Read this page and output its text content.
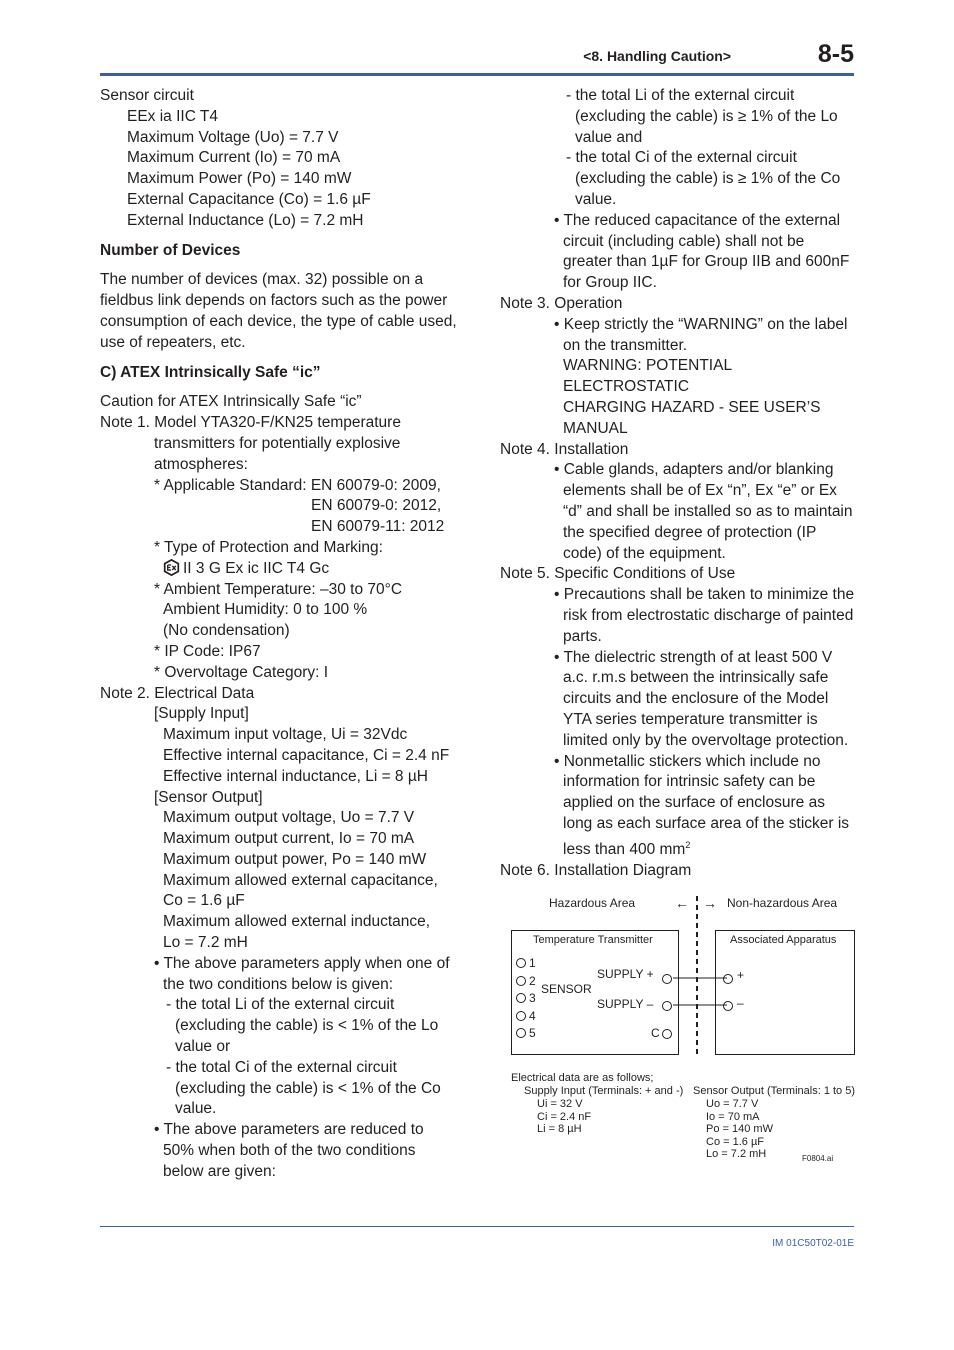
<8. Handling Caution>	8-5
Sensor circuit
EEx ia IIC T4
Maximum Voltage (Uo) = 7.7 V
Maximum Current (Io) = 70 mA
Maximum Power (Po) = 140 mW
External Capacitance (Co) = 1.6 µF
External Inductance (Lo) = 7.2 mH
Number of Devices
The number of devices (max. 32) possible on a
fieldbus link depends on factors such as the power
consumption of each device, the type of cable used,
use of repeaters, etc.
C) ATEX Intrinsically Safe “ic”
Caution for ATEX Intrinsically Safe “ic”
Note 1. Model YTA320-F/KN25 temperature
transmitters for potentially explosive
atmospheres:
* Applicable Standard: EN 60079-0: 2009,
EN 60079-0: 2012,
EN 60079-11: 2012
* Type of Protection and Marking:
II 3 G Ex ic IIC T4 Gc
* Ambient Temperature: –30 to 70°C
Ambient Humidity: 0 to 100 %
(No condensation)
* IP Code: IP67
* Overvoltage Category: I
Note 2. Electrical Data
[Supply Input]
Maximum input voltage, Ui = 32Vdc
Effective internal capacitance, Ci = 2.4 nF
Effective internal inductance, Li = 8 µH
[Sensor Output]
Maximum output voltage, Uo = 7.7 V
Maximum output current, Io = 70 mA
Maximum output power, Po = 140 mW
Maximum allowed external capacitance,
Co = 1.6 µF
Maximum allowed external inductance,
Lo = 7.2 mH
• The above parameters apply when one of
the two conditions below is given:
- the total Li of the external circuit
(excluding the cable) is < 1% of the Lo
value or
- the total Ci of the external circuit
(excluding the cable) is < 1% of the Co
value.
• The above parameters are reduced to
50% when both of the two conditions
below are given:
- the total Li of the external circuit
(excluding the cable) is ≥ 1% of the Lo
value and
- the total Ci of the external circuit
(excluding the cable) is ≥ 1% of the Co
value.
• The reduced capacitance of the external
circuit (including cable) shall not be
greater than 1µF for Group IIB and 600nF
for Group IIC.
Note 3. Operation
• Keep strictly the “WARNING” on the label
on the transmitter.
WARNING: POTENTIAL
ELECTROSTATIC
CHARGING HAZARD - SEE USER’S
MANUAL
Note 4. Installation
• Cable glands, adapters and/or blanking
elements shall be of Ex “n”, Ex “e” or Ex
“d” and shall be installed so as to maintain
the specified degree of protection (IP
code) of the equipment.
Note 5. Specific Conditions of Use
• Precautions shall be taken to minimize the
risk from electrostatic discharge of painted
parts.
• The dielectric strength of at least 500 V
a.c. r.m.s between the intrinsically safe
circuits and the enclosure of the Model
YTA series temperature transmitter is
limited only by the overvoltage protection.
• Nonmetallic stickers which include no
information for intrinsic safety can be
applied on the surface of enclosure as
long as each surface area of the sticker is
less than 400 $mm^2$
Note 6. Installation Diagram
Hazardous Area	← → Non-hazardous Area
Temperature Transmitter
1
2
3
4
5
SENSOR
SUPPLY +
SUPPLY –
C
Associated Apparatus
+
–
Electrical data are as follows;
Supply Input (Terminals: + and -)
Ui = 32 V
Ci = 2.4 nF
Li = 8 µH
Sensor Output (Terminals: 1 to 5)
Uo = 7.7 V
Io = 70 mA
Po = 140 mW
Co = 1.6 µF
Lo = 7.2 mH	F0804.ai
IM 01C50T02-01E
